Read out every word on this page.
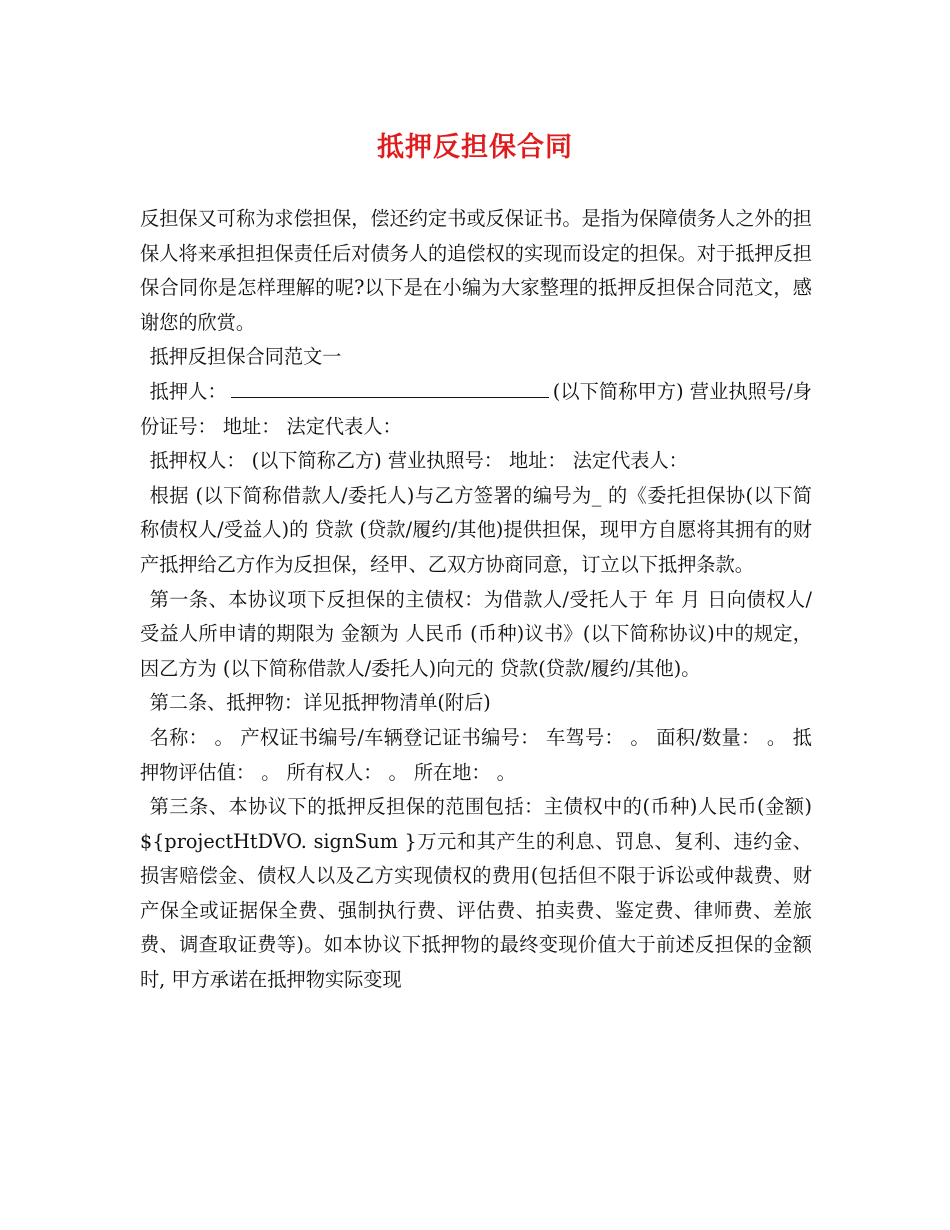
抵押反担保合同

反担保又可称为求偿担保，偿还约定书或反保证书。是指为保障债务人之外的担保人将来承担担保责任后对债务人的追偿权的实现而设定的担保。对于抵押反担保合同你是怎样理解的呢?以下是在小编为大家整理的抵押反担保合同范文，感谢您的欣赏。

抵押反担保合同范文一

抵押人：	(以下简称甲方) 营业执照号/身份证号： 地址： 法定代表人：

抵押权人： (以下简称乙方) 营业执照号： 地址： 法定代表人：

根据 (以下简称借款人/委托人)与乙方签署的编号为_ 的《委托担保协(以下简称债权人/受益人)的 贷款 (贷款/履约/其他)提供担保，现甲方自愿将其拥有的财产抵押给乙方作为反担保，经甲、乙双方协商同意，订立以下抵押条款。

第一条、本协议项下反担保的主债权：为借款人/受托人于 年 月 日向债权人/受益人所申请的期限为 金额为 人民币 (币种)议书》(以下简称协议)中的规定，因乙方为 (以下简称借款人/委托人)向元的 贷款(贷款/履约/其他)。

第二条、抵押物：详见抵押物清单(附后)

名称： 。 产权证书编号/车辆登记证书编号： 车驾号： 。 面积/数量： 。 抵押物评估值： 。 所有权人： 。 所在地： 。

第三条、本协议下的抵押反担保的范围包括：主债权中的(币种)人民币(金额)${projectHtDVO. signSum }万元和其产生的利息、罚息、复利、违约金、损害赔偿金、债权人以及乙方实现债权的费用(包括但不限于诉讼或仲裁费、财产保全或证据保全费、强制执行费、评估费、拍卖费、鉴定费、律师费、差旅费、调查取证费等)。如本协议下抵押物的最终变现价值大于前述反担保的金额时, 甲方承诺在抵押物实际变现
